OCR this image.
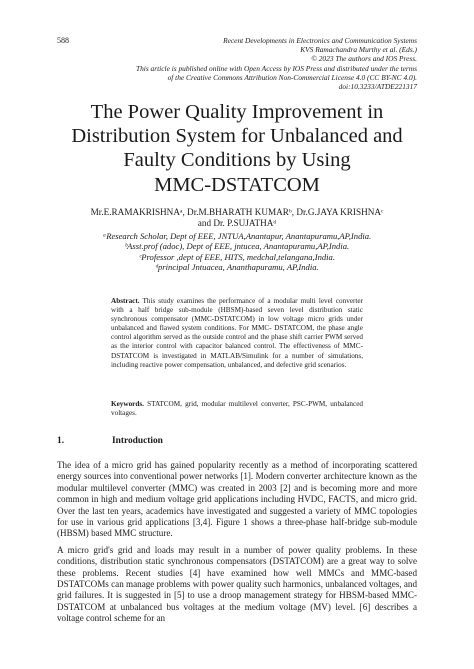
588	Recent Developments in Electronics and Communication Systems
KVS Ramachandra Murthy et al. (Eds.)
© 2023 The authors and IOS Press.
This article is published online with Open Access by IOS Press and distributed under the terms
of the Creative Commons Attribution Non-Commercial License 4.0 (CC BY-NC 4.0).
doi:10.3233/ATDE221317
The Power Quality Improvement in
Distribution System for Unbalanced and
Faulty Conditions by Using
MMC-DSTATCOM
Mr.E.RAMAKRISHNAᵃ, Dr.M.BHARATH KUMARᵇ, Dr.G.JAYA KRISHNAᶜ
and Dr. P.SUJATHAᵈ
ᵃResearch Scholar, Dept of EEE, JNTUA,Anantapur, Anantapuramu,AP,India.
ᵇAsst.prof (adoc), Dept of EEE, jntucea, Anantapuramu,AP,India.
ᶜProfessor ,dept of EEE, HITS, medchal,telangana,India.
ᵈprincipal Jntuacea, Ananthapuramu, AP,India.
Abstract. This study examines the performance of a modular multi level converter with a half bridge sub-module (HBSM)-based seven level distribution static synchronous compensator (MMC-DSTATCOM) in low voltage micro grids under unbalanced and flawed system conditions. For MMC- DSTATCOM, the phase angle control algorithm served as the outside control and the phase shift carrier PWM served as the interior control with capacitor balanced control. The effectiveness of MMC-DSTATCOM is investigated in MATLAB/Simulink for a number of simulations, including reactive power compensation, unbalanced, and defective grid scenarios.
Keywords. STATCOM, grid, modular multilevel converter, PSC-PWM, unbalanced voltages.
1.	Introduction

The idea of a micro grid has gained popularity recently as a method of incorporating scattered energy sources into conventional power networks [1]. Modern converter architecture known as the modular multilevel converter (MMC) was created in 2003 [2] and is becoming more and more common in high and medium voltage grid applications including HVDC, FACTS, and micro grid. Over the last ten years, academics have investigated and suggested a variety of MMC topologies for use in various grid applications [3,4]. Figure 1 shows a three-phase half-bridge sub-module (HBSM) based MMC structure.

A micro grid's grid and loads may result in a number of power quality problems. In these conditions, distribution static synchronous compensators (DSTATCOM) are a great way to solve these problems. Recent studies [4] have examined how well MMCs and MMC-based DSTATCOMs can manage problems with power quality such harmonics, unbalanced voltages, and grid failures. It is suggested in [5] to use a droop management strategy for HBSM-based MMC-DSTATCOM at unbalanced bus voltages at the medium voltage (MV) level. [6] describes a voltage control scheme for an
